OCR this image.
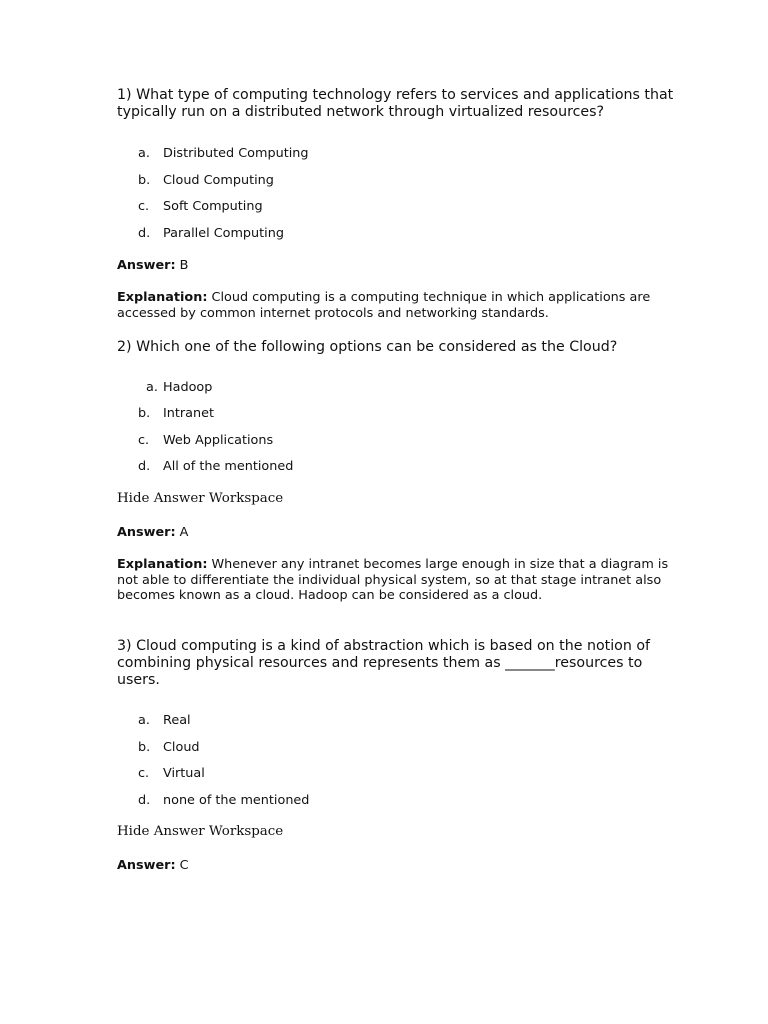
1) What type of computing technology refers to services and applications that typically run on a distributed network through virtualized resources?

a. Distributed Computing
b. Cloud Computing
c. Soft Computing
d. Parallel Computing

Answer: B

Explanation: Cloud computing is a computing technique in which applications are accessed by common internet protocols and networking standards.

2) Which one of the following options can be considered as the Cloud?

a. Hadoop
b. Intranet
c. Web Applications
d. All of the mentioned

Hide Answer Workspace

Answer: A

Explanation: Whenever any intranet becomes large enough in size that a diagram is not able to differentiate the individual physical system, so at that stage intranet also becomes known as a cloud. Hadoop can be considered as a cloud.

3) Cloud computing is a kind of abstraction which is based on the notion of combining physical resources and represents them as _______resources to users.

a. Real
b. Cloud
c. Virtual
d. none of the mentioned

Hide Answer Workspace

Answer: C
